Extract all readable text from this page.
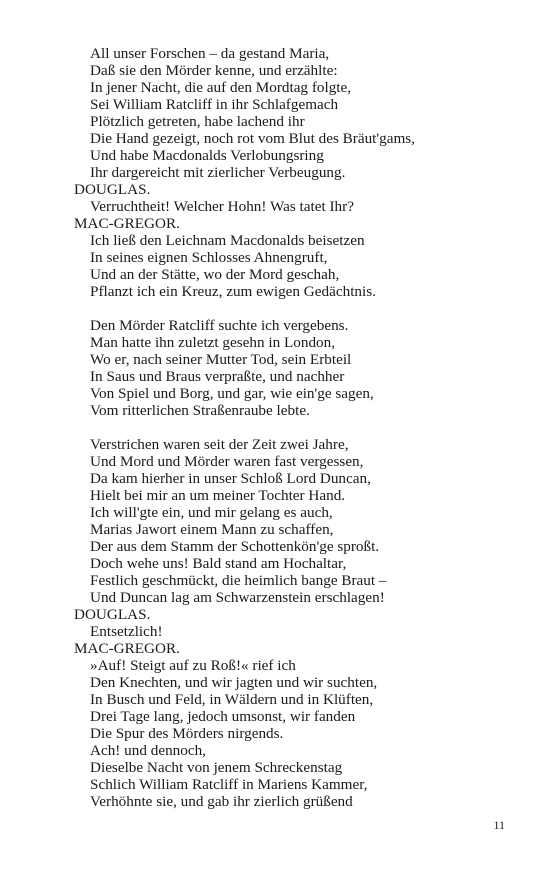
All unser Forschen – da gestand Maria,
Daß sie den Mörder kenne, und erzählte:
In jener Nacht, die auf den Mordtag folgte,
Sei William Ratcliff in ihr Schlafgemach
Plötzlich getreten, habe lachend ihr
Die Hand gezeigt, noch rot vom Blut des Bräut'gams,
Und habe Macdonalds Verlobungsring
Ihr dargereicht mit zierlicher Verbeugung.
DOUGLAS.
Verruchtheit! Welcher Hohn! Was tatet Ihr?
MAC-GREGOR.
Ich ließ den Leichnam Macdonalds beisetzen
In seines eignen Schlosses Ahnengruft,
Und an der Stätte, wo der Mord geschah,
Pflanzt ich ein Kreuz, zum ewigen Gedächtnis.
Den Mörder Ratcliff suchte ich vergebens.
Man hatte ihn zuletzt gesehn in London,
Wo er, nach seiner Mutter Tod, sein Erbteil
In Saus und Braus verpraßte, und nachher
Von Spiel und Borg, und gar, wie ein'ge sagen,
Vom ritterlichen Straßenraube lebte.
Verstrichen waren seit der Zeit zwei Jahre,
Und Mord und Mörder waren fast vergessen,
Da kam hierher in unser Schloß Lord Duncan,
Hielt bei mir an um meiner Tochter Hand.
Ich will'gte ein, und mir gelang es auch,
Marias Jawort einem Mann zu schaffen,
Der aus dem Stamm der Schottenkön'ge sproßt.
Doch wehe uns! Bald stand am Hochaltar,
Festlich geschmückt, die heimlich bange Braut –
Und Duncan lag am Schwarzenstein erschlagen!
DOUGLAS.
Entsetzlich!
MAC-GREGOR.
»Auf! Steigt auf zu Roß!« rief ich
Den Knechten, und wir jagten und wir suchten,
In Busch und Feld, in Wäldern und in Klüften,
Drei Tage lang, jedoch umsonst, wir fanden
Die Spur des Mörders nirgends.
Ach! und dennoch,
Dieselbe Nacht von jenem Schreckenstag
Schlich William Ratcliff in Mariens Kammer,
Verhöhnte sie, und gab ihr zierlich grüßend
11
